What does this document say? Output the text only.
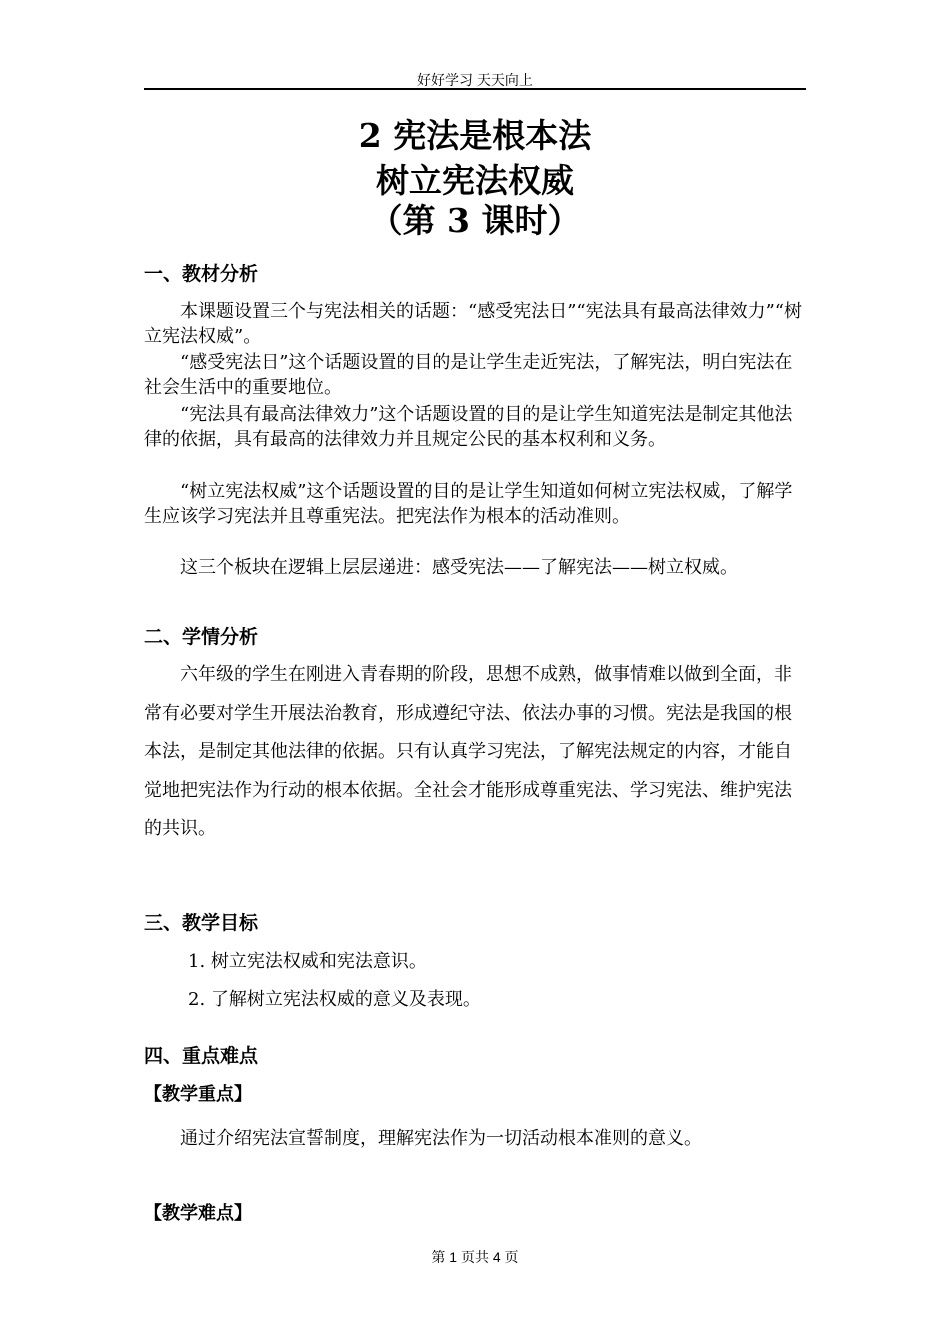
好好学习 天天向上
2 宪法是根本法
树立宪法权威
（第 3 课时）
一、教材分析
本课题设置三个与宪法相关的话题：“感受宪法日”“宪法具有最高法律效力”“树立宪法权威”。
“感受宪法日”这个话题设置的目的是让学生走近宪法，了解宪法，明白宪法在社会生活中的重要地位。
“宪法具有最高法律效力”这个话题设置的目的是让学生知道宪法是制定其他法律的依据，具有最高的法律效力并且规定公民的基本权利和义务。
“树立宪法权威”这个话题设置的目的是让学生知道如何树立宪法权威，了解学生应该学习宪法并且尊重宪法。把宪法作为根本的活动准则。
这三个板块在逻辑上层层递进：感受宪法——了解宪法——树立权威。
二、学情分析
六年级的学生在刚进入青春期的阶段，思想不成熟，做事情难以做到全面，非常有必要对学生开展法治教育，形成遵纪守法、依法办事的习惯。宪法是我国的根本法，是制定其他法律的依据。只有认真学习宪法，了解宪法规定的内容，才能自觉地把宪法作为行动的根本依据。全社会才能形成尊重宪法、学习宪法、维护宪法的共识。
三、教学目标
1. 树立宪法权威和宪法意识。
2. 了解树立宪法权威的意义及表现。
四、重点难点
【教学重点】
通过介绍宪法宣誓制度，理解宪法作为一切活动根本准则的意义。
【教学难点】
第 1 页共 4 页
